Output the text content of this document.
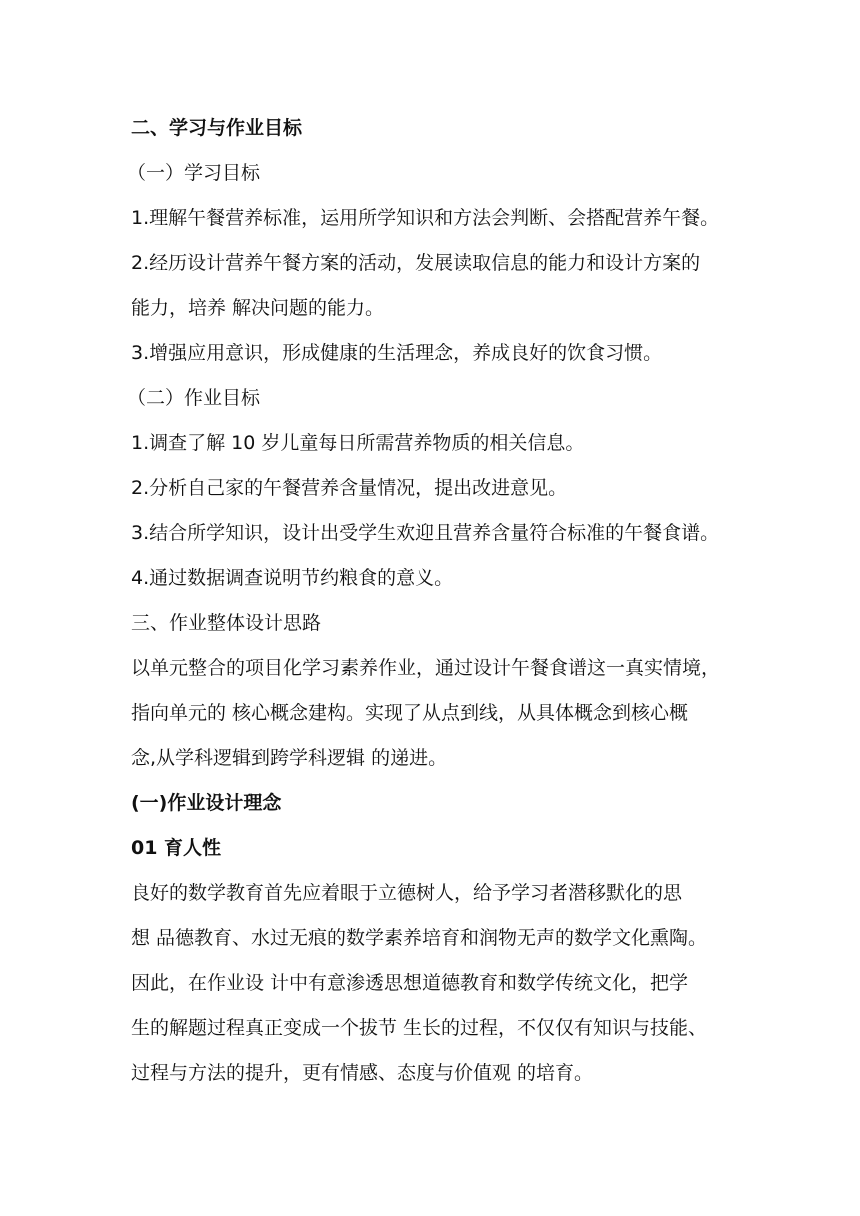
二、学习与作业目标

（一）学习目标

1.理解午餐营养标准，运用所学知识和方法会判断、会搭配营养午餐。

2.经历设计营养午餐方案的活动，发展读取信息的能力和设计方案的

能力，培养 解决问题的能力。

3.增强应用意识，形成健康的生活理念，养成良好的饮食习惯。

（二）作业目标

1.调查了解 10 岁儿童每日所需营养物质的相关信息。

2.分析自己家的午餐营养含量情况，提出改进意见。

3.结合所学知识，设计出受学生欢迎且营养含量符合标准的午餐食谱。

4.通过数据调查说明节约粮食的意义。

三、作业整体设计思路

以单元整合的项目化学习素养作业，通过设计午餐食谱这一真实情境，

指向单元的 核心概念建构。实现了从点到线，从具体概念到核心概

念,从学科逻辑到跨学科逻辑 的递进。

(一)作业设计理念

01 育人性

良好的数学教育首先应着眼于立德树人，给予学习者潜移默化的思

想 品德教育、水过无痕的数学素养培育和润物无声的数学文化熏陶。

因此，在作业设 计中有意渗透思想道德教育和数学传统文化，把学

生的解题过程真正变成一个拔节 生长的过程，不仅仅有知识与技能、

过程与方法的提升，更有情感、态度与价值观 的培育。
